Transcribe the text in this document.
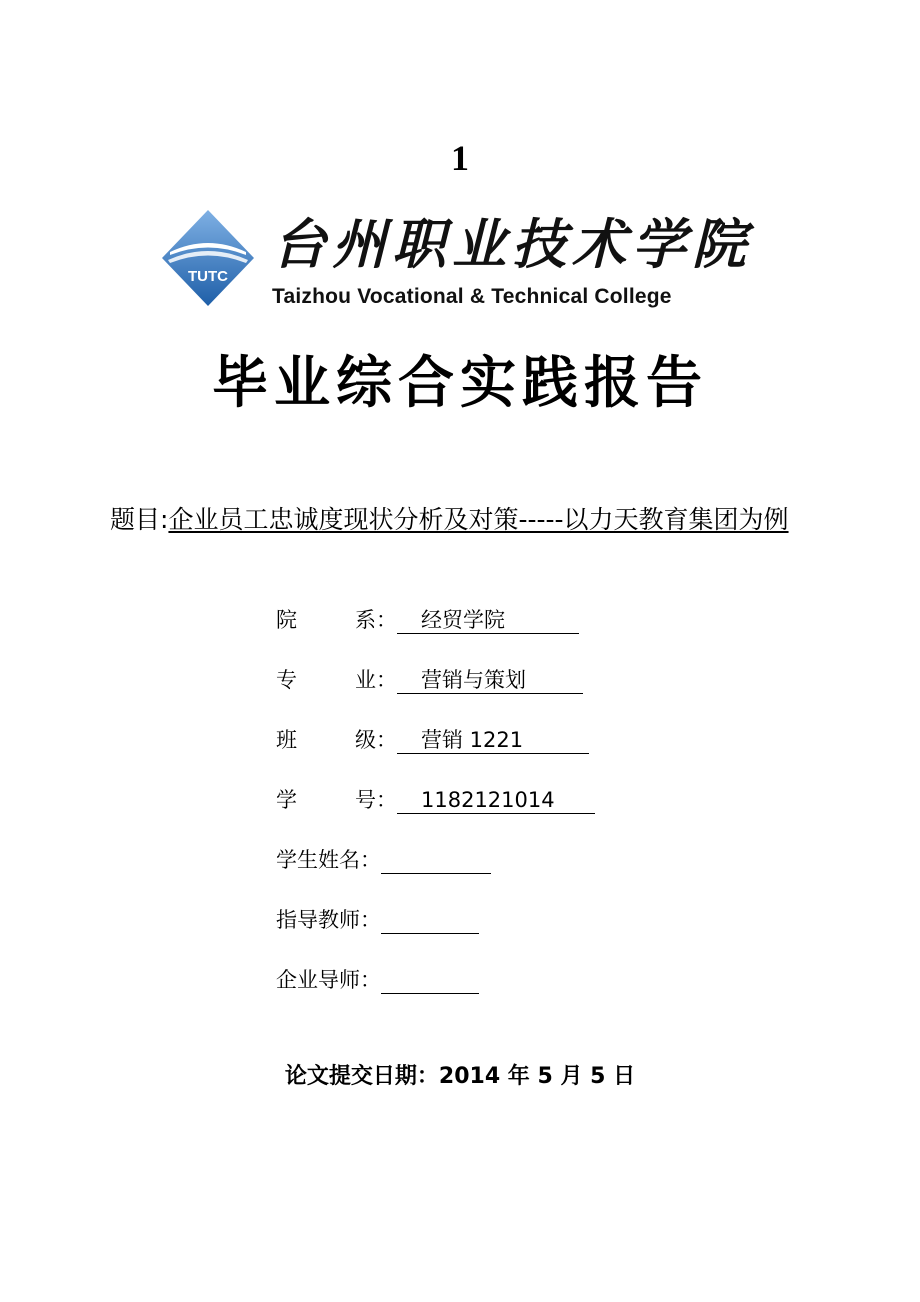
1
TUTC
台州职业技术学院
Taizhou Vocational & Technical College
毕业综合实践报告

题目:企业员工忠诚度现状分析及对策-----以力天教育集团为例

院 系： 经贸学院
专 业： 营销与策划
班 级： 营销 1221
学 号： 1182121014
学生姓名：
指导教师：
企业导师：
论文提交日期：2014 年 5 月 5 日
